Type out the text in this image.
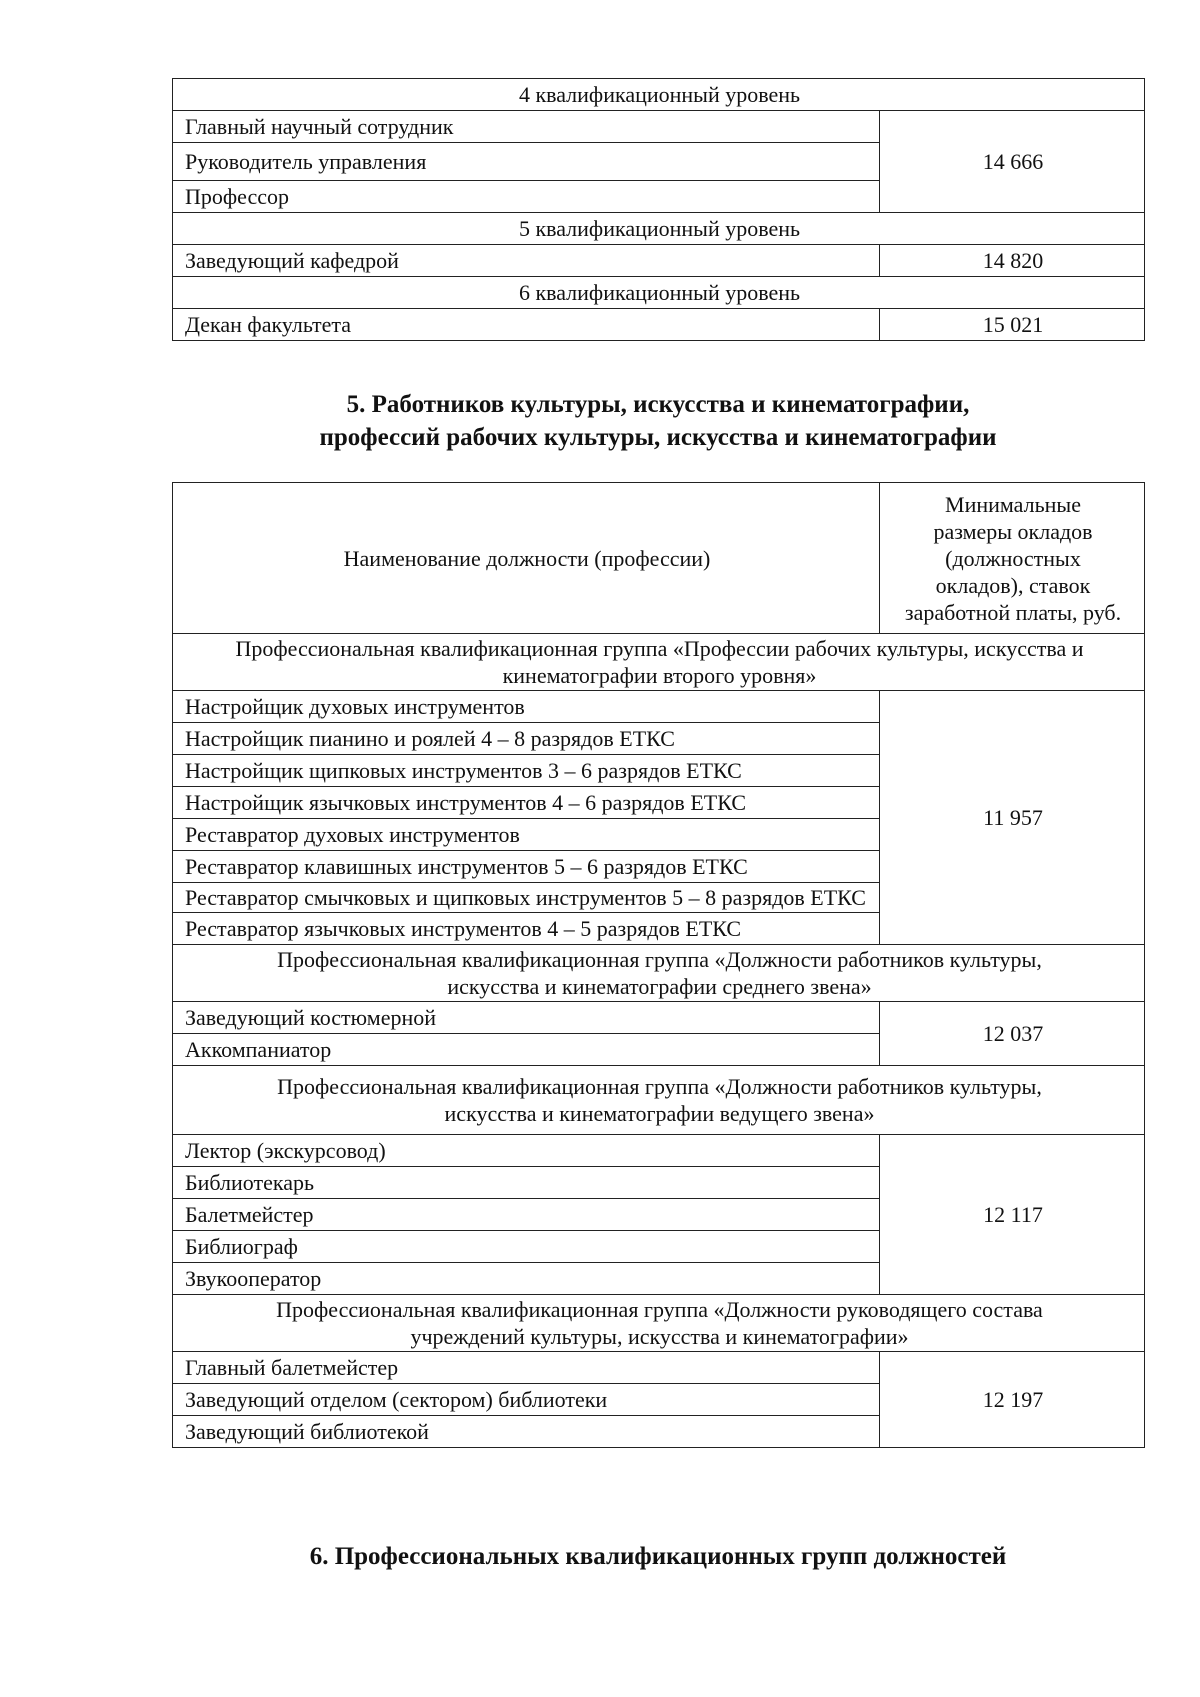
4 квалификационный уровень	
Главный научный сотрудник	14 666
Руководитель управления	
Профессор	
5 квалификационный уровень	
Заведующий кафедрой	14 820
6 квалификационный уровень	
Декан факультета	15 021
5. Работников культуры, искусства и кинематографии,
профессий рабочих культуры, искусства и кинематографии
Наименование должности (профессии)	Минимальные
размеры окладов
(должностных
окладов), ставок
заработной платы, руб.

Профессиональная квалификационная группа «Профессии рабочих культуры, искусства и
кинематографии второго уровня»	

Настройщик духовых инструментов	11 957
Настройщик пианино и роялей 4 – 8 разрядов ЕТКС	
Настройщик щипковых инструментов 3 – 6 разрядов ЕТКС	
Настройщик язычковых инструментов 4 – 6 разрядов ЕТКС	
Реставратор духовых инструментов	
Реставратор клавишных инструментов 5 – 6 разрядов ЕТКС	
Реставратор смычковых и щипковых инструментов 5 – 8 разрядов ЕТКС	
Реставратор язычковых инструментов 4 – 5 разрядов ЕТКС	

Профессиональная квалификационная группа «Должности работников культуры,
искусства и кинематографии среднего звена»	

Заведующий костюмерной	12 037
Аккомпаниатор	

Профессиональная квалификационная группа «Должности работников культуры,
искусства и кинематографии ведущего звена»	

Лектор (экскурсовод)	12 117
Библиотекарь	
Балетмейстер	
Библиограф	
Звукооператор	

Профессиональная квалификационная группа «Должности руководящего состава
учреждений культуры, искусства и кинематографии»	

Главный балетмейстер	12 197
Заведующий отделом (сектором) библиотеки	
Заведующий библиотекой	
6. Профессиональных квалификационных групп должностей
